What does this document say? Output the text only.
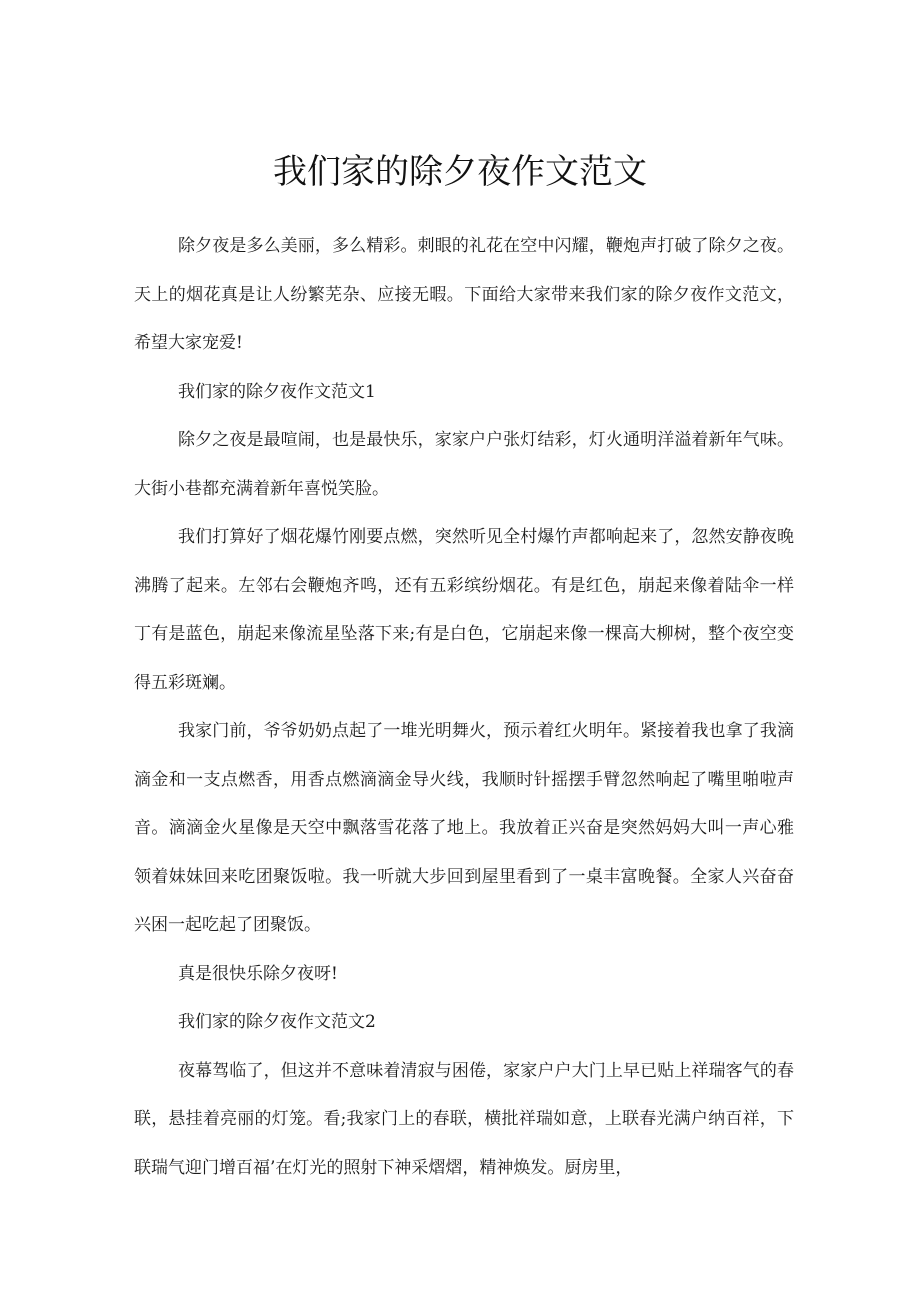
我们家的除夕夜作文范文

除夕夜是多么美丽，多么精彩。刺眼的礼花在空中闪耀，鞭炮声打破了除夕之夜。天上的烟花真是让人纷繁芜杂、应接无暇。下面给大家带来我们家的除夕夜作文范文，希望大家宠爱!

我们家的除夕夜作文范文1

除夕之夜是最喧闹，也是最快乐，家家户户张灯结彩，灯火通明洋溢着新年气味。大街小巷都充满着新年喜悦笑脸。

我们打算好了烟花爆竹刚要点燃，突然听见全村爆竹声都响起来了，忽然安静夜晚沸腾了起来。左邻右会鞭炮齐鸣，还有五彩缤纷烟花。有是红色，崩起来像着陆伞一样丁有是蓝色，崩起来像流星坠落下来;有是白色，它崩起来像一棵高大柳树，整个夜空变得五彩斑斓。

我家门前，爷爷奶奶点起了一堆光明舞火，预示着红火明年。紧接着我也拿了我滴滴金和一支点燃香，用香点燃滴滴金导火线，我顺时针摇摆手臂忽然响起了嘴里啪啦声音。滴滴金火星像是天空中飘落雪花落了地上。我放着正兴奋是突然妈妈大叫一声心雅领着妹妹回来吃团聚饭啦。我一听就大步回到屋里看到了一桌丰富晚餐。全家人兴奋奋兴困一起吃起了团聚饭。

真是很快乐除夕夜呀!

我们家的除夕夜作文范文2

夜幕驾临了，但这并不意味着清寂与困倦，家家户户大门上早已贴上祥瑞客气的春联，悬挂着亮丽的灯笼。看;我家门上的春联，横批祥瑞如意，上联春光满户纳百祥，下联瑞气迎门增百福’在灯光的照射下神采熠熠，精神焕发。厨房里，
